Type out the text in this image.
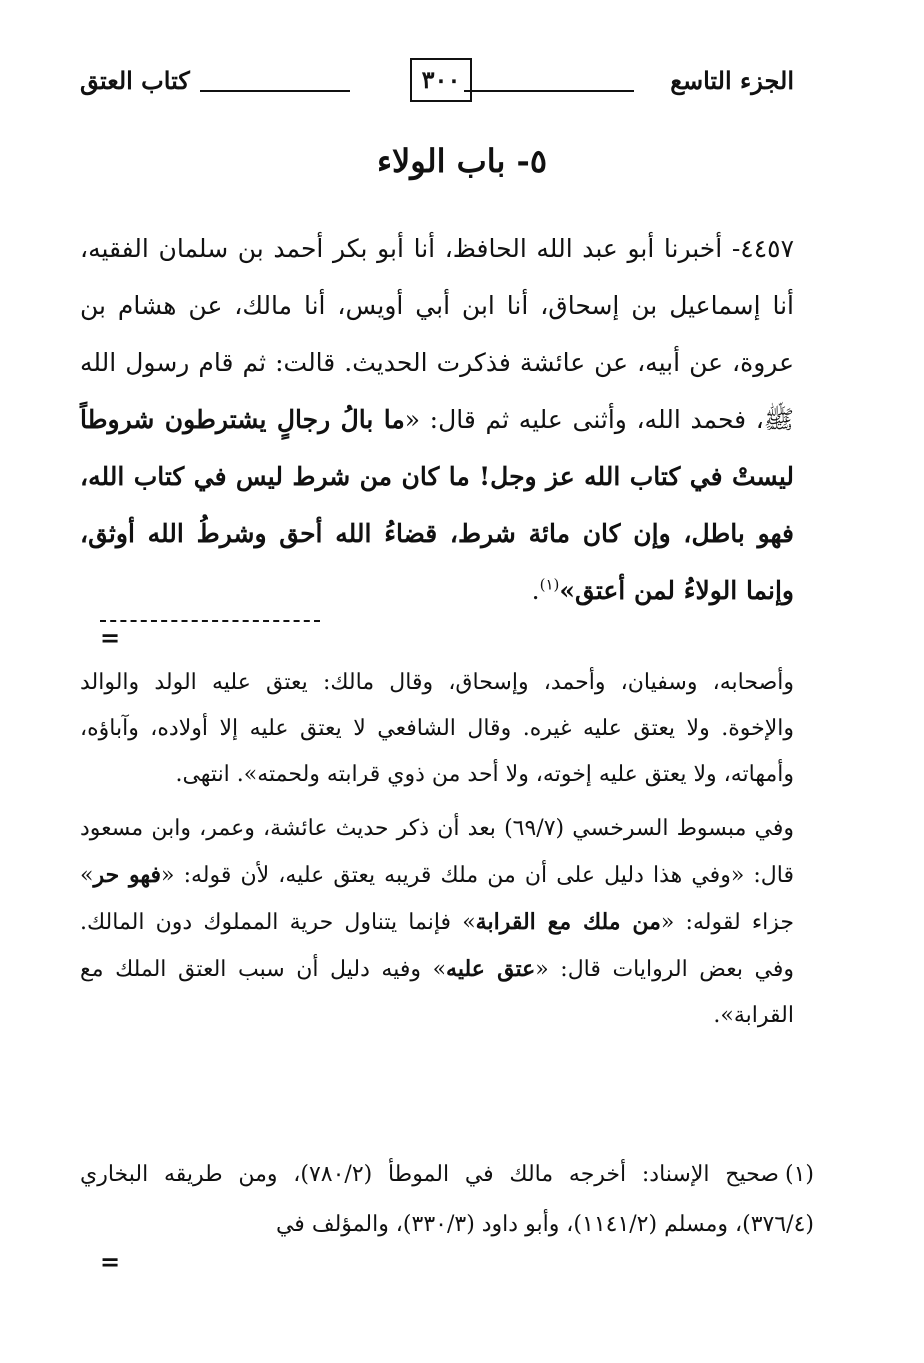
الجزء التاسع
٣٠٠
كتاب العتق
٥- باب الولاء

٤٤٥٧- أخبرنا أبو عبد الله الحافظ، أنا أبو بكر أحمد بن سلمان الفقيه، أنا إسماعيل بن إسحاق، أنا ابن أبي أويس، أنا مالك، عن هشام بن عروة، عن أبيه، عن عائشة فذكرت الحديث. قالت: ثم قام رسول الله ﷺ، فحمد الله، وأثنى عليه ثم قال: «ما بالُ رجالٍ يشترطون شروطاً ليستْ في كتاب الله عز وجل! ما كان من شرط ليس في كتاب الله، فهو باطل، وإن كان مائة شرط، قضاءُ الله أحق وشرطُ الله أوثق، وإنما الولاءُ لمن أعتق»$^{(١)}$.

=

وأصحابه، وسفيان، وأحمد، وإسحاق، وقال مالك: يعتق عليه الولد والوالد والإخوة. ولا يعتق عليه غيره. وقال الشافعي لا يعتق عليه إلا أولاده، وآباؤه، وأمهاته، ولا يعتق عليه إخوته، ولا أحد من ذوي قرابته ولحمته». انتهى.

وفي مبسوط السرخسي (٦٩/٧) بعد أن ذكر حديث عائشة، وعمر، وابن مسعود قال: «وفي هذا دليل على أن من ملك قريبه يعتق عليه، لأن قوله: «فهو حر» جزاء لقوله: «من ملك مع القرابة» فإنما يتناول حرية المملوك دون المالك. وفي بعض الروايات قال: «عتق عليه» وفيه دليل أن سبب العتق الملك مع القرابة».

(١)صحيح الإسناد: أخرجه مالك في الموطأ (٧٨٠/٢)، ومن طريقه البخاري (٣٧٦/٤)، ومسلم (١١٤١/٢)، وأبو داود (٣٣٠/٣)، والمؤلف في

=
